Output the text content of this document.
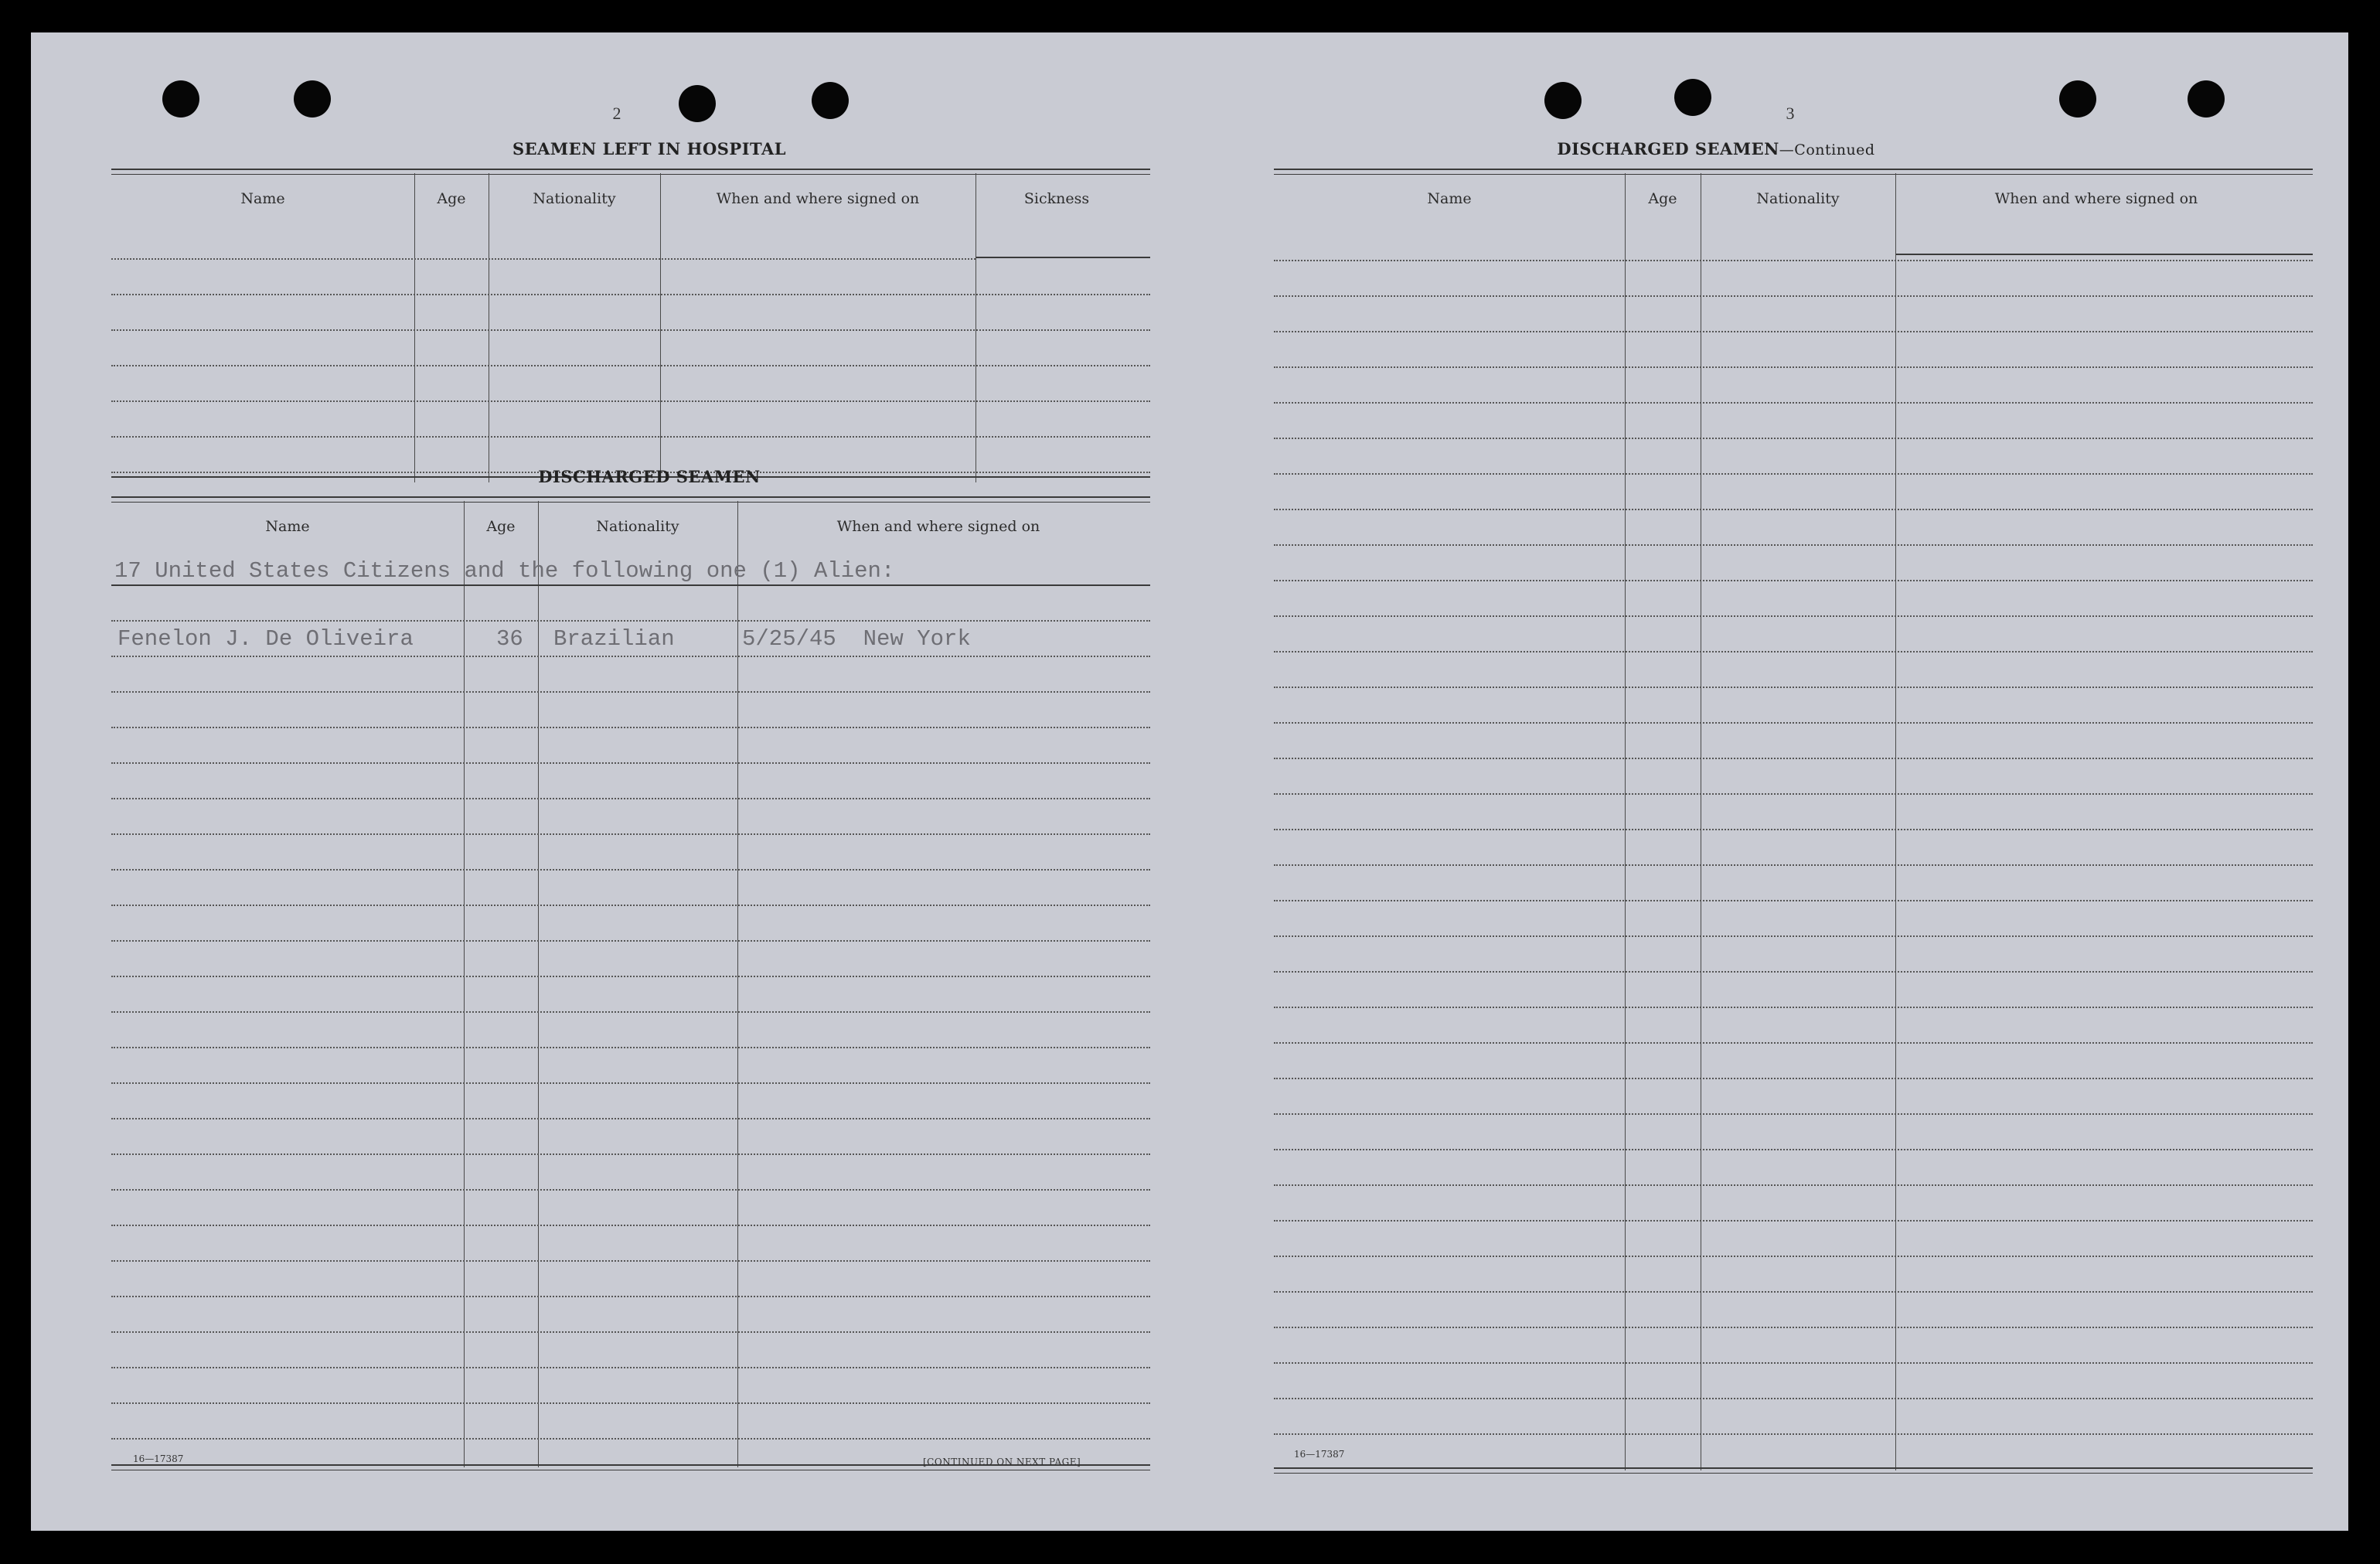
2
SEAMEN LEFT IN HOSPITAL
Name	Age	Nationality	When and where signed on	Sickness
DISCHARGED SEAMEN
Name	Age	Nationality	When and where signed on
17 United States Citizens and the following one (1) Alien:
Fenelon J. De Oliveira	36 Brazilian	5/25/45  New York
16—17387	[CONTINUED ON NEXT PAGE]
3
DISCHARGED SEAMEN—Continued
Name	Age	Nationality	When and where signed on
16—17387
